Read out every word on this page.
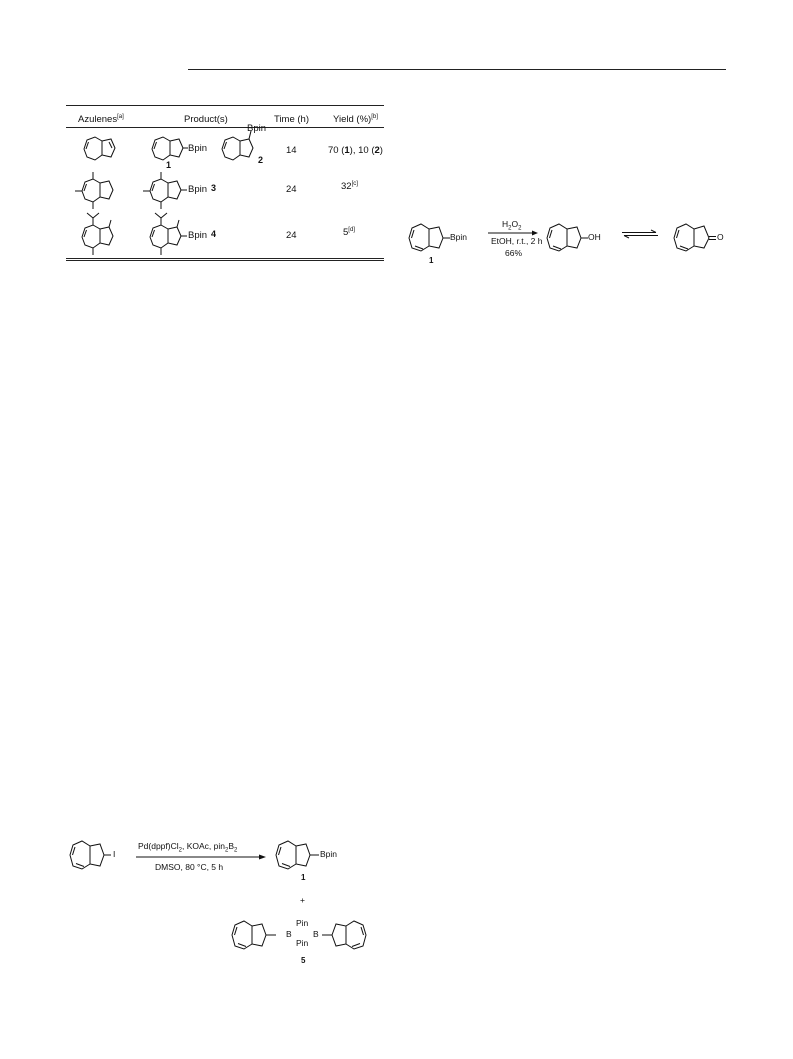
Azulenes[a]	Product(s)	Time (h)	Yield (%)[b]
Bpin
1
Bpin
2
14	70 (1), 10 (2)
Bpin 3	24	32[c]
Bpin 4	24	5[d]
Bpin
1
$H_2O_2$
EtOH, r.t., 2 h
66%
OH ⇌	O
I
$Pd(dppf)Cl_2$, KOAc, $pin_2B_2$
DMSO, 80 °C, 5 h
Bpin
1
+
B
Pin
Pin
B
5
